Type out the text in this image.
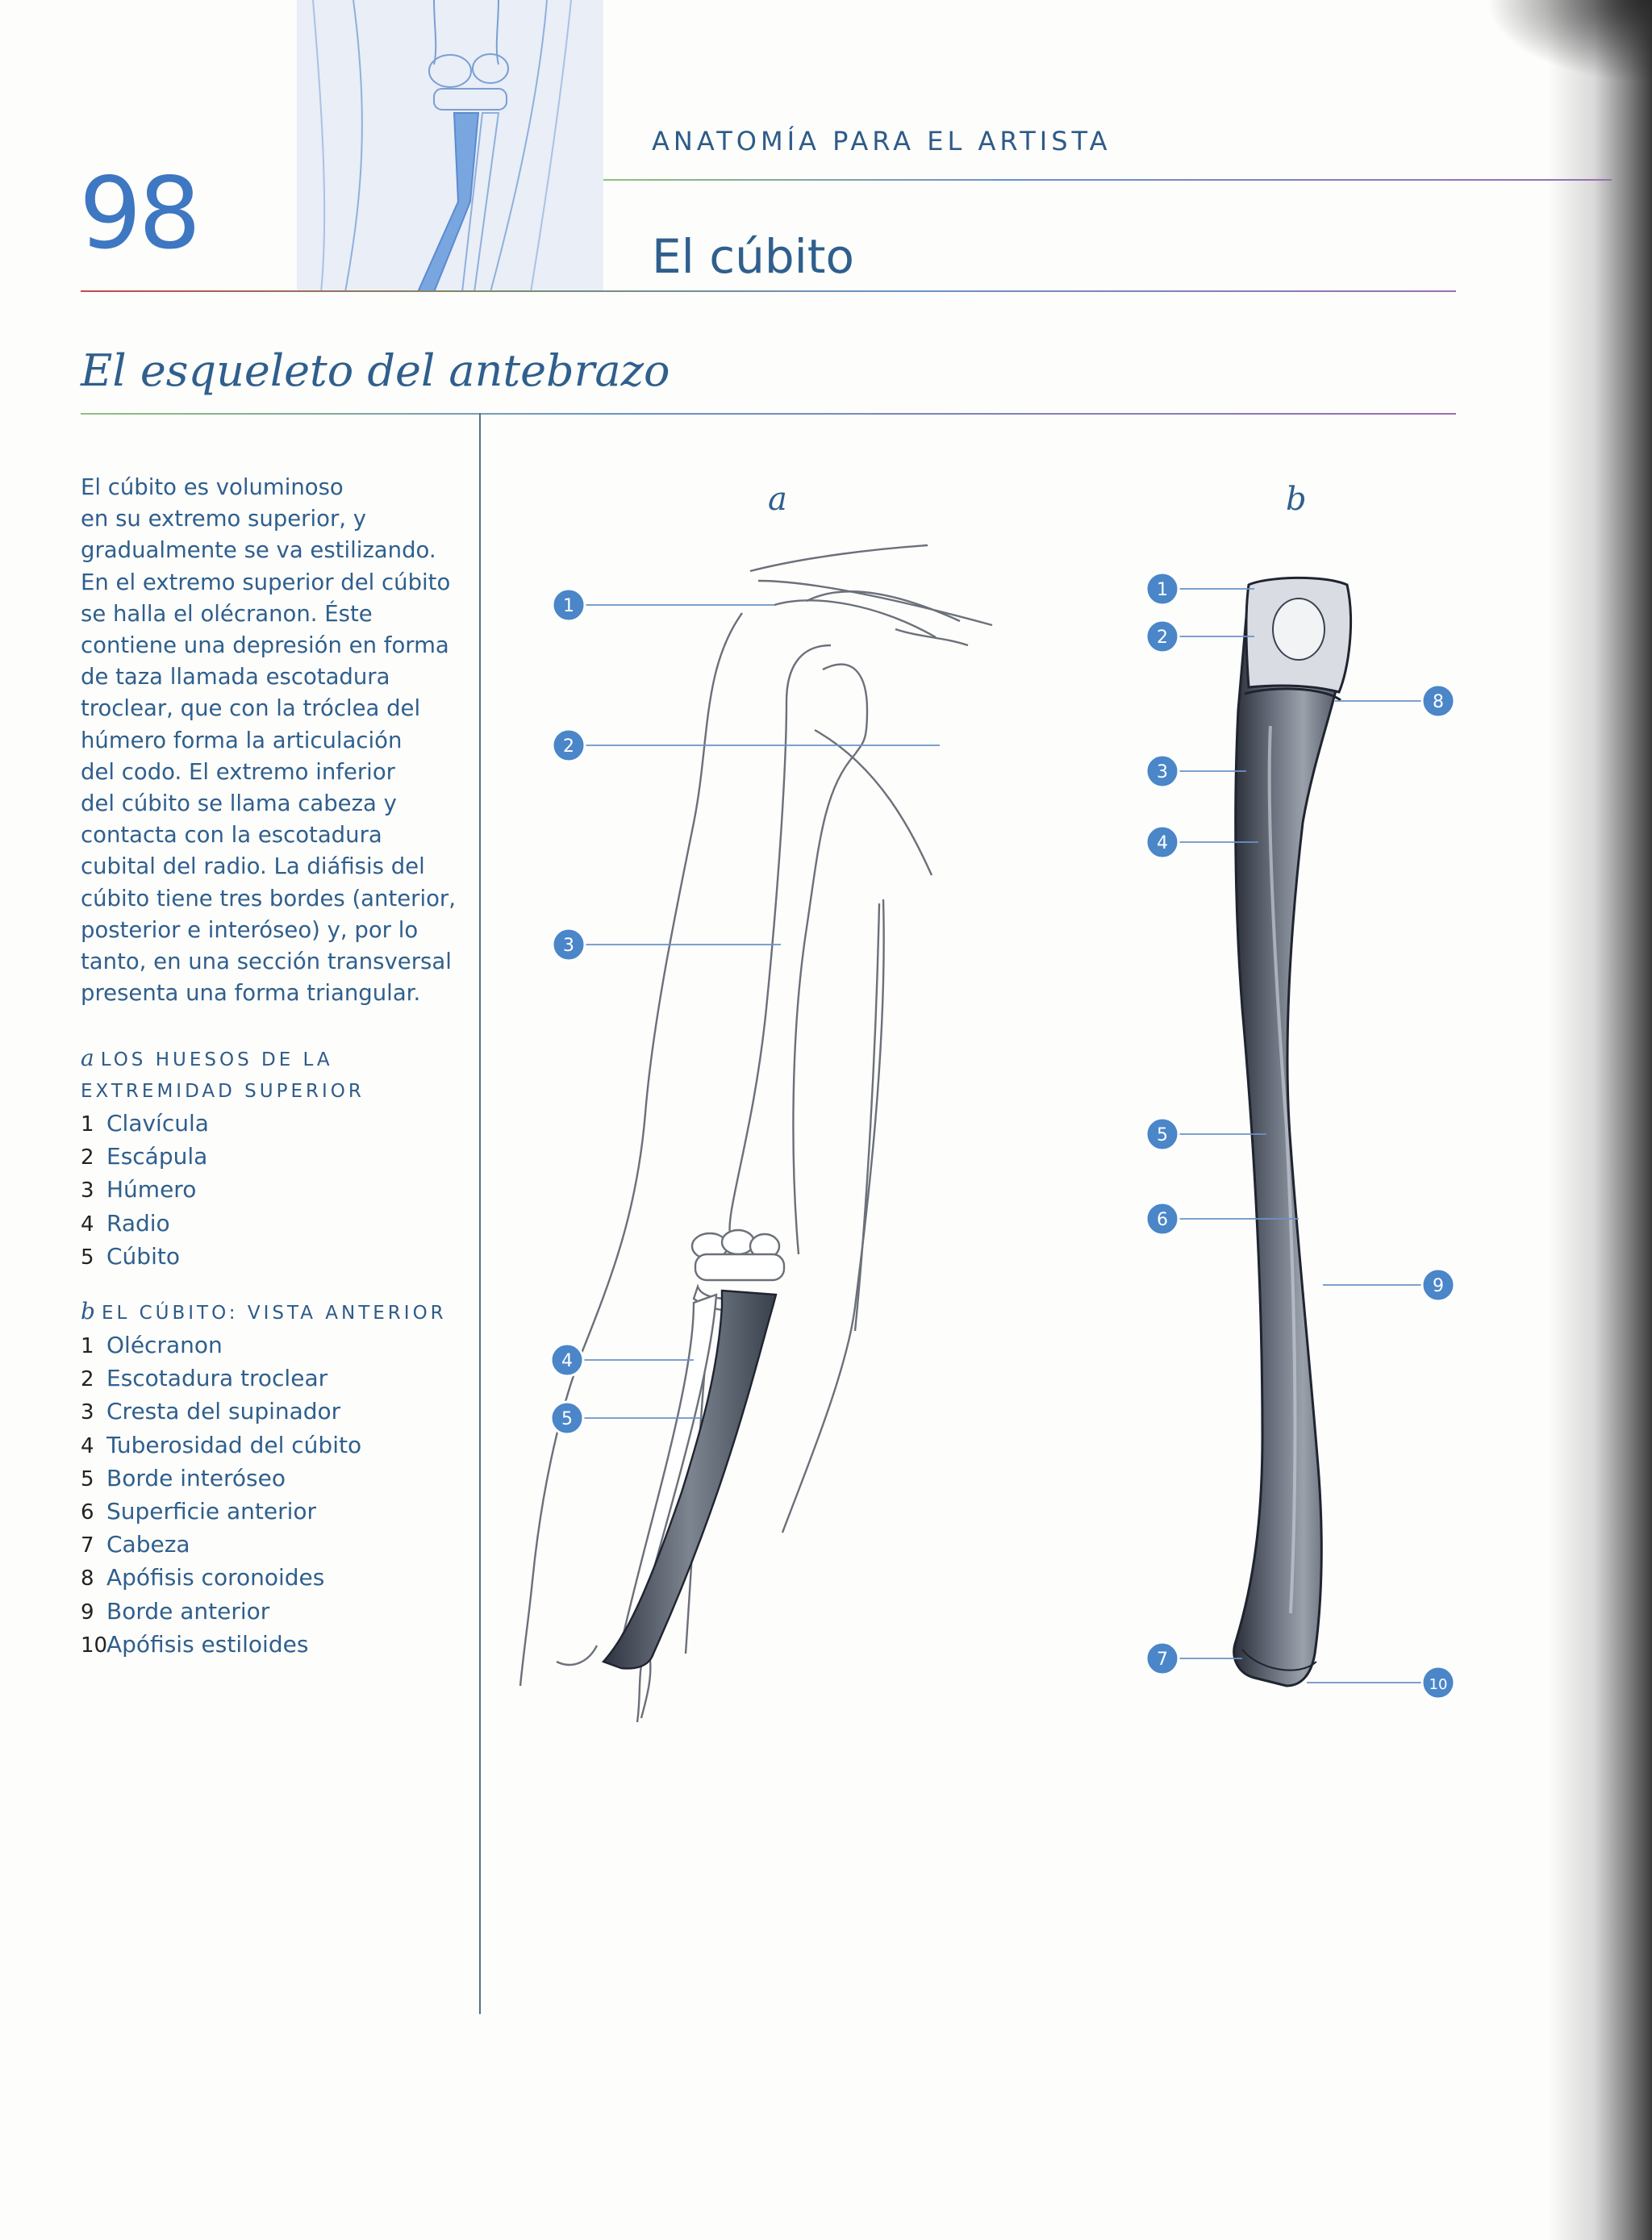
98
ANATOMÍA PARA EL ARTISTA
El cúbito
El esqueleto del antebrazo
El cúbito es voluminoso
en su extremo superior, y
gradualmente se va estilizando.
En el extremo superior del cúbito
se halla el olécranon. Éste
contiene una depresión en forma
de taza llamada escotadura
troclear, que con la tróclea del
húmero forma la articulación
del codo. El extremo inferior
del cúbito se llama cabeza y
contacta con la escotadura
cubital del radio. La diáfisis del
cúbito tiene tres bordes (anterior,
posterior e interóseo) y, por lo
tanto, en una sección transversal
presenta una forma triangular.
a LOS HUESOS DE LA
EXTREMIDAD SUPERIOR
1 Clavícula
2 Escápula
3 Húmero
4 Radio
5 Cúbito
b EL CÚBITO: VISTA ANTERIOR
1 Olécranon
2 Escotadura troclear
3 Cresta del supinador
4 Tuberosidad del cúbito
5 Borde interóseo
6 Superficie anterior
7 Cabeza
8 Apófisis coronoides
9 Borde anterior
10Apófisis estiloides
a	b
1
2
3
4
5
1
2
3
4
5
6
7
8
9
10
